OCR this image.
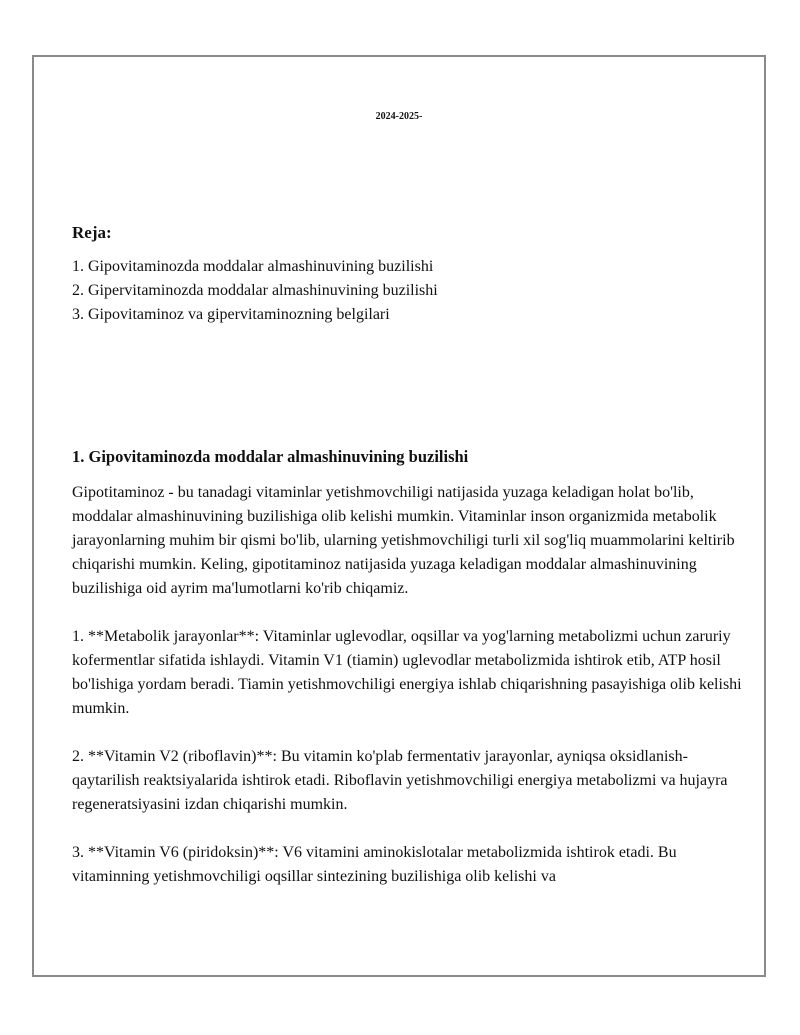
2024-2025-
Reja:
1. Gipovitaminozda moddalar almashinuvining buzilishi
2. Gipervitaminozda moddalar almashinuvining buzilishi
3. Gipovitaminoz va gipervitaminozning belgilari
1. Gipovitaminozda moddalar almashinuvining buzilishi

Gipotitaminoz - bu tanadagi vitaminlar yetishmovchiligi natijasida yuzaga keladigan holat bo'lib, moddalar almashinuvining buzilishiga olib kelishi mumkin. Vitaminlar inson organizmida metabolik jarayonlarning muhim bir qismi bo'lib, ularning yetishmovchiligi turli xil sog'liq muammolarini keltirib chiqarishi mumkin. Keling, gipotitaminoz natijasida yuzaga keladigan moddalar almashinuvining buzilishiga oid ayrim ma'lumotlarni ko'rib chiqamiz.

1. **Metabolik jarayonlar**: Vitaminlar uglevodlar, oqsillar va yog'larning metabolizmi uchun zaruriy kofermentlar sifatida ishlaydi. Vitamin V1 (tiamin) uglevodlar metabolizmida ishtirok etib, ATP hosil bo'lishiga yordam beradi. Tiamin yetishmovchiligi energiya ishlab chiqarishning pasayishiga olib kelishi mumkin.

2. **Vitamin V2 (riboflavin)**: Bu vitamin ko'plab fermentativ jarayonlar, ayniqsa oksidlanish-qaytarilish reaktsiyalarida ishtirok etadi. Riboflavin yetishmovchiligi energiya metabolizmi va hujayra regeneratsiyasini izdan chiqarishi mumkin.

3. **Vitamin V6 (piridoksin)**: V6 vitamini aminokislotalar metabolizmida ishtirok etadi. Bu vitaminning yetishmovchiligi oqsillar sintezining buzilishiga olib kelishi va
